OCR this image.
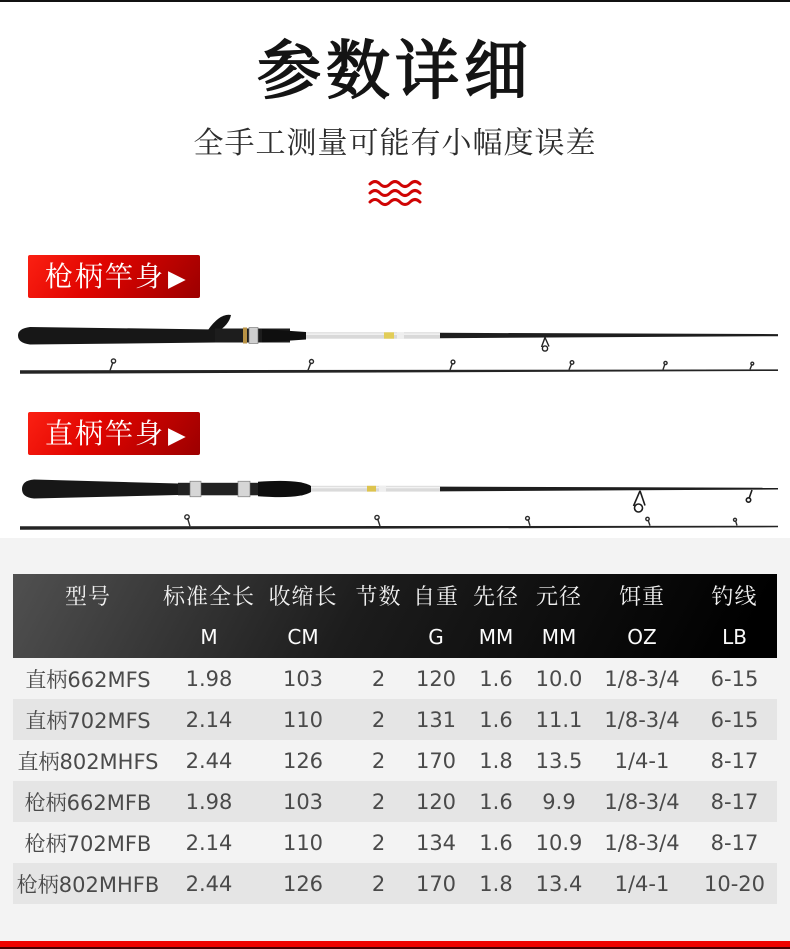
参数详细
全手工测量可能有小幅度误差
枪柄竿身 ▶
直柄竿身 ▶
型号	标准全长	收缩长	节数	自重	先径	元径	饵重	钓线
	M	CM		G	MM	MM	OZ	LB
直柄662MFS	1.98	103	2	120	1.6	10.0	1/8-3/4	6-15
直柄702MFS	2.14	110	2	131	1.6	11.1	1/8-3/4	6-15
直柄802MHFS	2.44	126	2	170	1.8	13.5	1/4-1	8-17
枪柄662MFB	1.98	103	2	120	1.6	9.9	1/8-3/4	8-17
枪柄702MFB	2.14	110	2	134	1.6	10.9	1/8-3/4	8-17
枪柄802MHFB	2.44	126	2	170	1.8	13.4	1/4-1	10-20
